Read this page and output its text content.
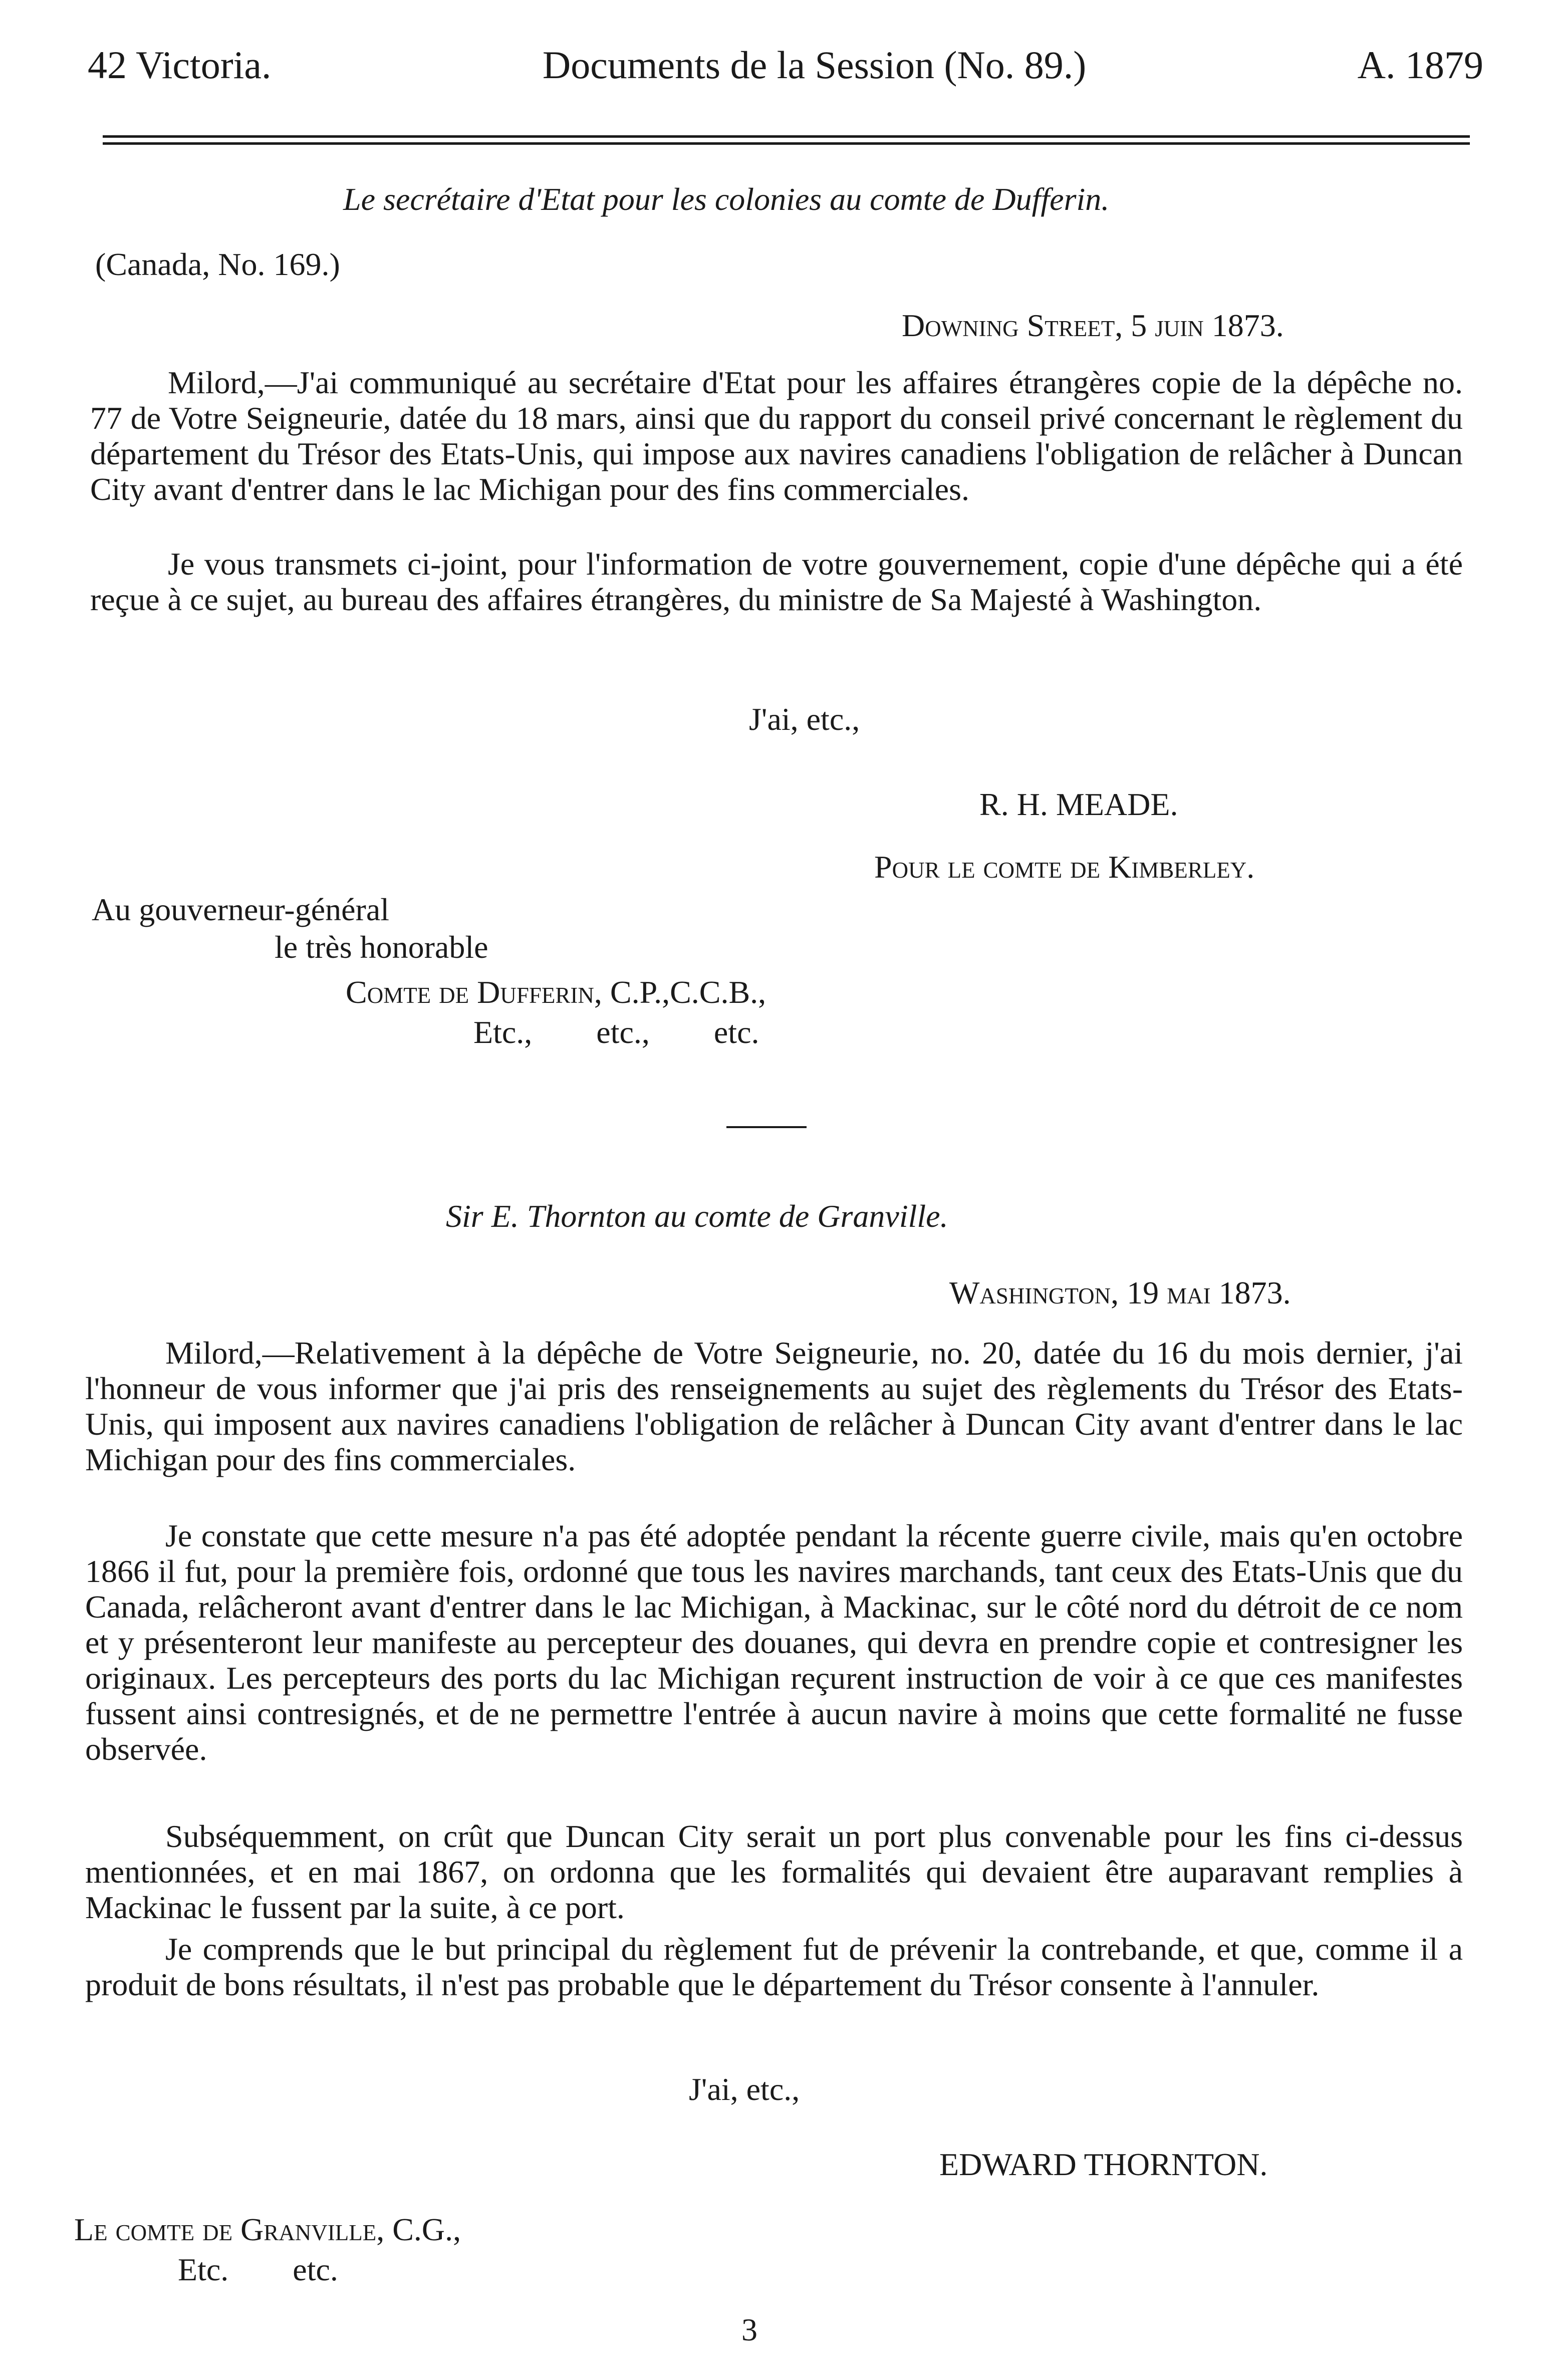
42 Victoria.	Documents de la Session (No. 89.)	A. 1879
Le secrétaire d'Etat pour les colonies au comte de Dufferin.
(Canada, No. 169.)
Downing Street, 5 juin 1873.
Milord,—J'ai communiqué au secrétaire d'Etat pour les affaires étrangères copie de la dépêche no. 77 de Votre Seigneurie, datée du 18 mars, ainsi que du rapport du conseil privé concernant le règlement du département du Trésor des Etats-Unis, qui impose aux navires canadiens l'obligation de relâcher à Duncan City avant d'entrer dans le lac Michigan pour des fins commerciales.
Je vous transmets ci-joint, pour l'information de votre gouvernement, copie d'une dépêche qui a été reçue à ce sujet, au bureau des affaires étrangères, du ministre de Sa Majesté à Washington.
J'ai, etc.,
R. H. MEADE.
Pour le comte de Kimberley.
Au gouverneur-général
le très honorable
Comte de Dufferin, C.P.,C.C.B.,
Etc.,        etc.,        etc.
Sir E. Thornton au comte de Granville.
Washington, 19 mai 1873.
Milord,—Relativement à la dépêche de Votre Seigneurie, no. 20, datée du 16 du mois dernier, j'ai l'honneur de vous informer que j'ai pris des renseignements au sujet des règlements du Trésor des Etats-Unis, qui imposent aux navires canadiens l'obligation de relâcher à Duncan City avant d'entrer dans le lac Michigan pour des fins commerciales.
Je constate que cette mesure n'a pas été adoptée pendant la récente guerre civile, mais qu'en octobre 1866 il fut, pour la première fois, ordonné que tous les navires marchands, tant ceux des Etats-Unis que du Canada, relâcheront avant d'entrer dans le lac Michigan, à Mackinac, sur le côté nord du détroit de ce nom et y présenteront leur manifeste au percepteur des douanes, qui devra en prendre copie et contresigner les originaux. Les percepteurs des ports du lac Michigan reçurent instruction de voir à ce que ces manifestes fussent ainsi contresignés, et de ne permettre l'entrée à aucun navire à moins que cette formalité ne fusse observée.
Subséquemment, on crût que Duncan City serait un port plus convenable pour les fins ci-dessus mentionnées, et en mai 1867, on ordonna que les formalités qui devaient être auparavant remplies à Mackinac le fussent par la suite, à ce port.
Je comprends que le but principal du règlement fut de prévenir la contrebande, et que, comme il a produit de bons résultats, il n'est pas probable que le département du Trésor consente à l'annuler.
J'ai, etc.,
EDWARD THORNTON.
Le comte de Granville, C.G.,
Etc.        etc.
3
